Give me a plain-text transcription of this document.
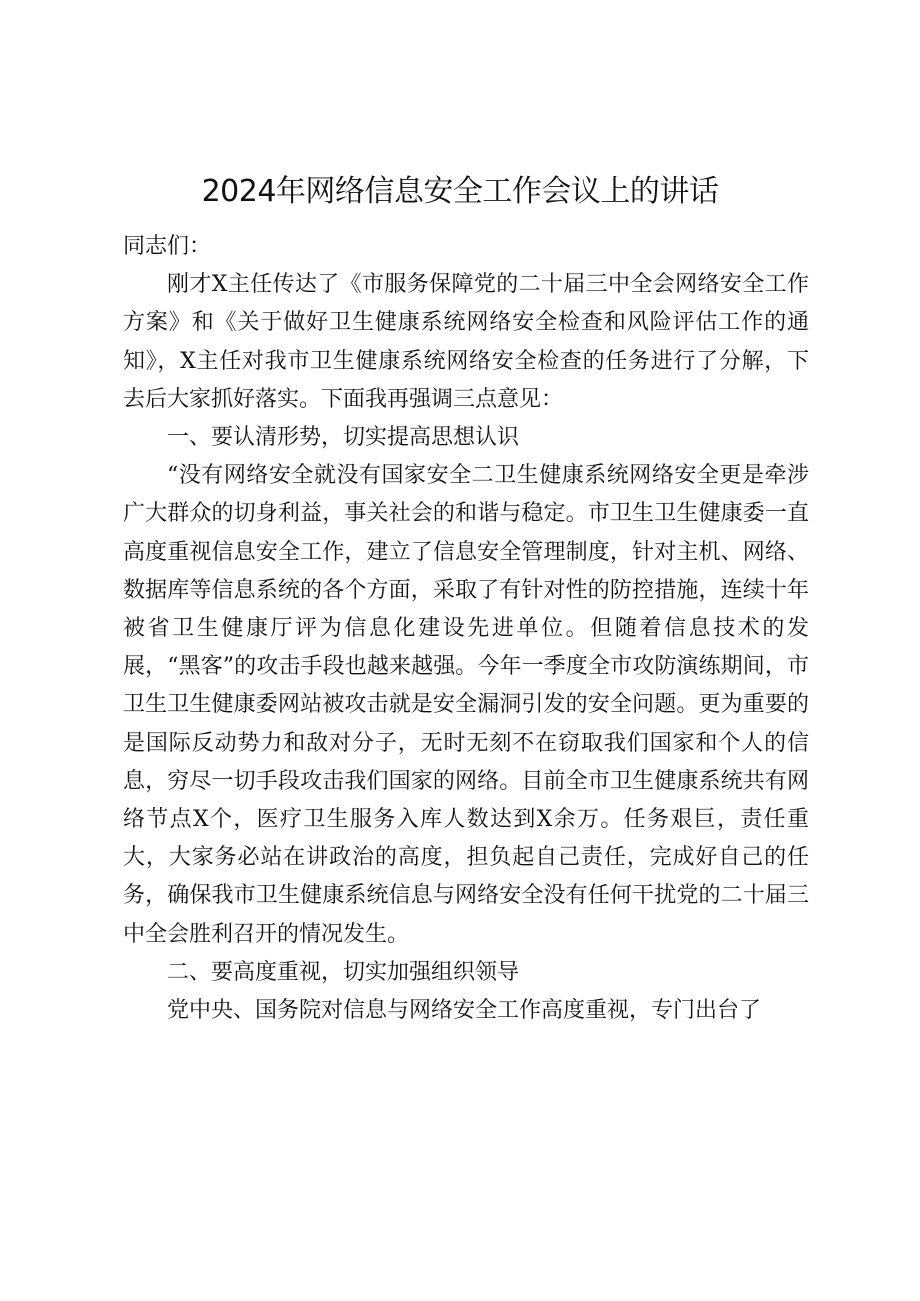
2024年网络信息安全工作会议上的讲话

同志们：

刚才X主任传达了《市服务保障党的二十届三中全会网络安全工作方案》和《关于做好卫生健康系统网络安全检查和风险评估工作的通知》，X主任对我市卫生健康系统网络安全检查的任务进行了分解，下去后大家抓好落实。下面我再强调三点意见：

一、要认清形势，切实提高思想认识

“没有网络安全就没有国家安全二卫生健康系统网络安全更是牵涉广大群众的切身利益，事关社会的和谐与稳定。市卫生卫生健康委一直高度重视信息安全工作，建立了信息安全管理制度，针对主机、网络、数据库等信息系统的各个方面，采取了有针对性的防控措施，连续十年被省卫生健康厅评为信息化建设先进单位。但随着信息技术的发展，“黑客”的攻击手段也越来越强。今年一季度全市攻防演练期间，市卫生卫生健康委网站被攻击就是安全漏洞引发的安全问题。更为重要的是国际反动势力和敌对分子，无时无刻不在窃取我们国家和个人的信息，穷尽一切手段攻击我们国家的网络。目前全市卫生健康系统共有网络节点X个，医疗卫生服务入库人数达到X余万。任务艰巨，责任重大，大家务必站在讲政治的高度，担负起自己责任，完成好自己的任务，确保我市卫生健康系统信息与网络安全没有任何干扰党的二十届三中全会胜利召开的情况发生。

二、要高度重视，切实加强组织领导

党中央、国务院对信息与网络安全工作高度重视，专门出台了
